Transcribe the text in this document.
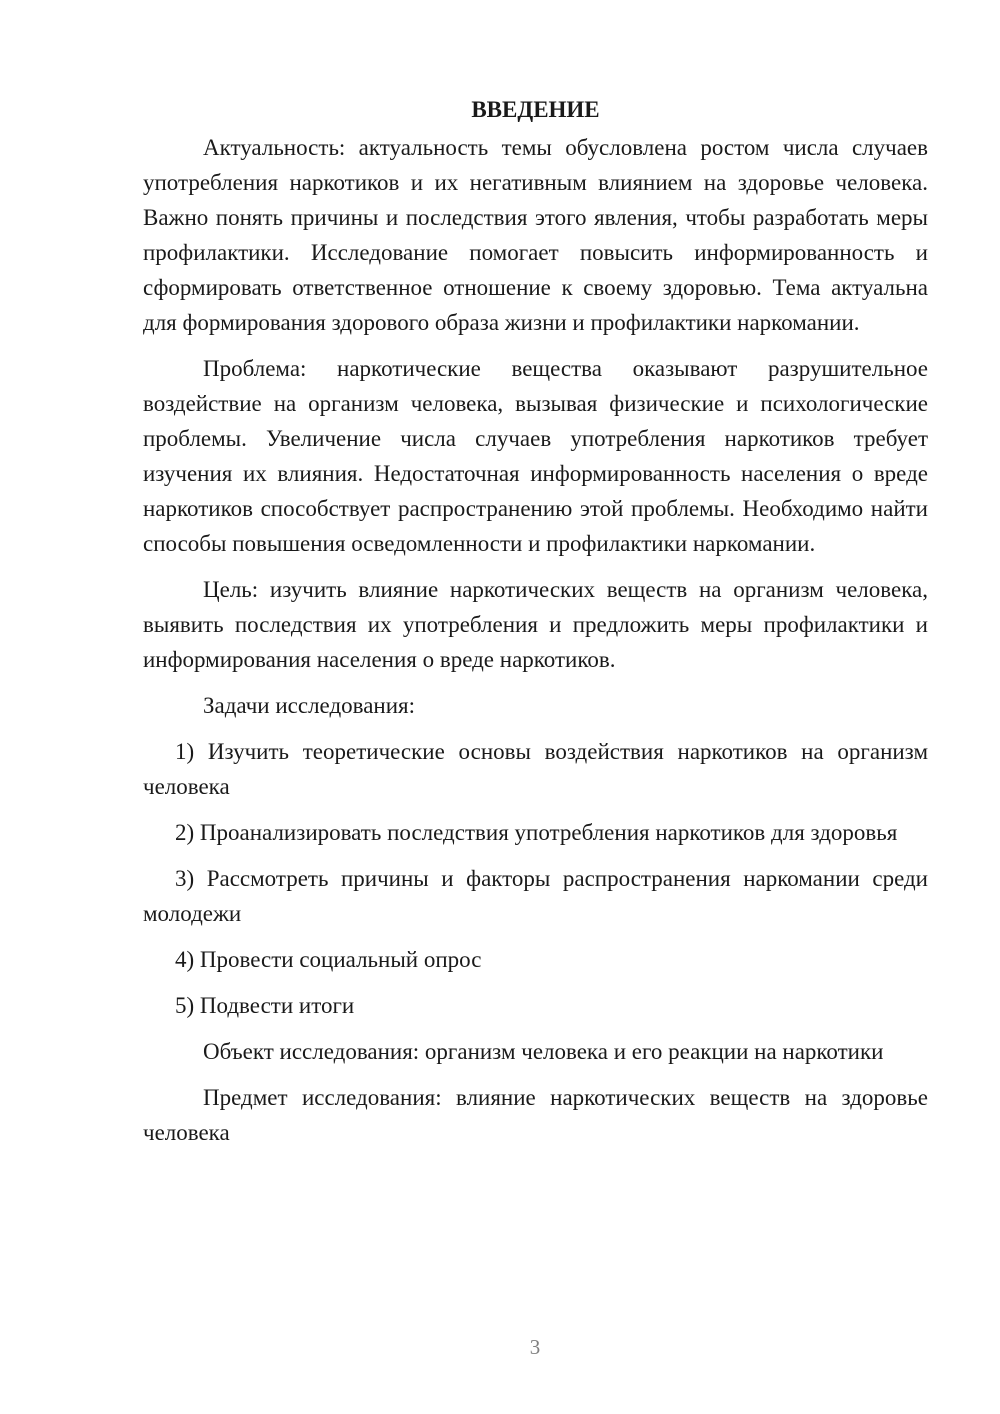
ВВЕДЕНИЕ

Актуальность: актуальность темы обусловлена ростом числа случаев употребления наркотиков и их негативным влиянием на здоровье человека. Важно понять причины и последствия этого явления, чтобы разработать меры профилактики. Исследование помогает повысить информированность и сформировать ответственное отношение к своему здоровью. Тема актуальна для формирования здорового образа жизни и профилактики наркомании.

Проблема: наркотические вещества оказывают разрушительное воздействие на организм человека, вызывая физические и психологические проблемы. Увеличение числа случаев употребления наркотиков требует изучения их влияния. Недостаточная информированность населения о вреде наркотиков способствует распространению этой проблемы. Необходимо найти способы повышения осведомленности и профилактики наркомании.

Цель: изучить влияние наркотических веществ на организм человека, выявить последствия их употребления и предложить меры профилактики и информирования населения о вреде наркотиков.

Задачи исследования:

1) Изучить теоретические основы воздействия наркотиков на организм человека

2) Проанализировать последствия употребления наркотиков для здоровья

3) Рассмотреть причины и факторы распространения наркомании среди молодежи

4) Провести социальный опрос

5) Подвести итоги

Объект исследования: организм человека и его реакции на наркотики

Предмет исследования: влияние наркотических веществ на здоровье человека

3
